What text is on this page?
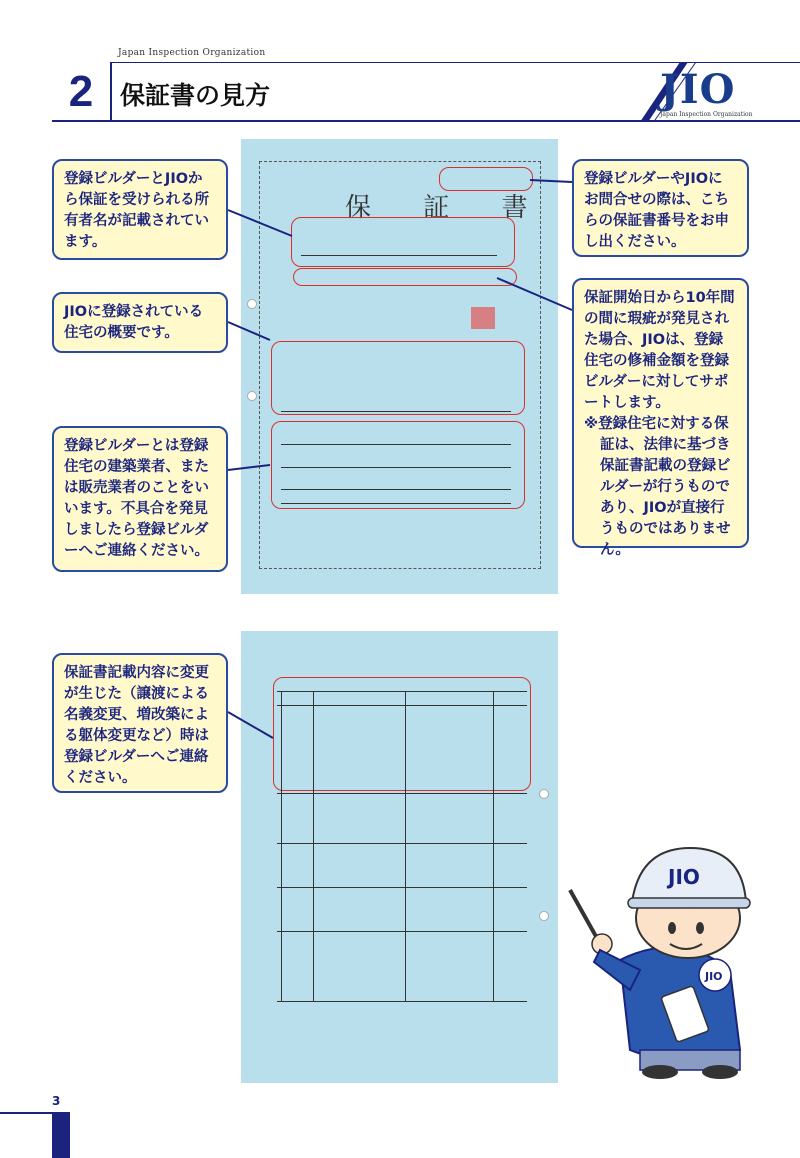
Japan Inspection Organization
2	保証書の見方	JIO
Japan Inspection Organization
保 証 書
登録ビルダーとJIOから保証を受けられる所有者名が記載されています。
JIOに登録されている住宅の概要です。
登録ビルダーとは登録住宅の建築業者、または販売業者のことをいいます。不具合を発見しましたら登録ビルダーへご連絡ください。
登録ビルダーやJIOにお問合せの際は、こちらの保証書番号をお申し出ください。
保証開始日から10年間の間に瑕疵が発見された場合、JIOは、登録住宅の修補金額を登録ビルダーに対してサポートします。
※登録住宅に対する保証は、法律に基づき保証書記載の登録ビルダーが行うものであり、JIOが直接行うものではありません。
保証書記載内容に変更が生じた（譲渡による名義変更、増改築による躯体変更など）時は登録ビルダーへご連絡ください。
JIO
JIO
3
